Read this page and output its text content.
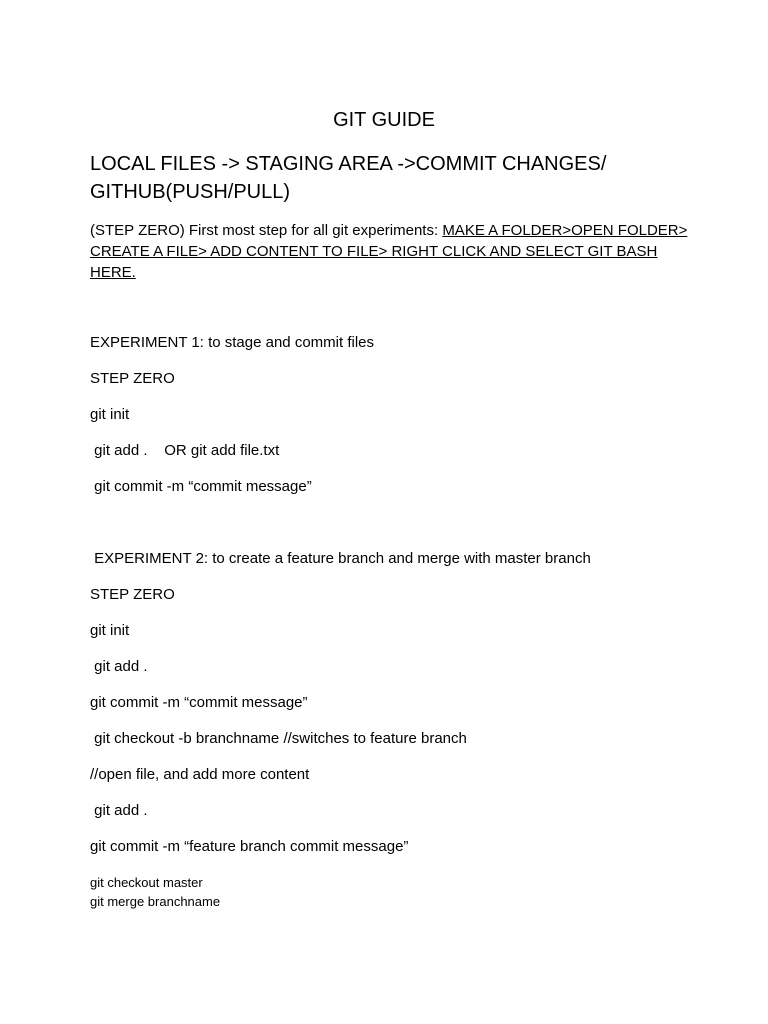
GIT GUIDE
LOCAL FILES -> STAGING AREA ->COMMIT CHANGES/ GITHUB(PUSH/PULL)
(STEP ZERO) First most step for all git experiments: MAKE A FOLDER>OPEN FOLDER> CREATE A FILE> ADD CONTENT TO FILE> RIGHT CLICK AND SELECT GIT BASH HERE.
EXPERIMENT 1: to stage and commit files
STEP ZERO
git init
git add .    OR git add file.txt
git commit -m “commit message”
EXPERIMENT 2: to create a feature branch and merge with master branch
STEP ZERO
git init
git add .
git commit -m “commit message”
git checkout -b branchname //switches to feature branch
//open file, and add more content
git add .
git commit -m “feature branch commit message”
git checkout master
git merge branchname
